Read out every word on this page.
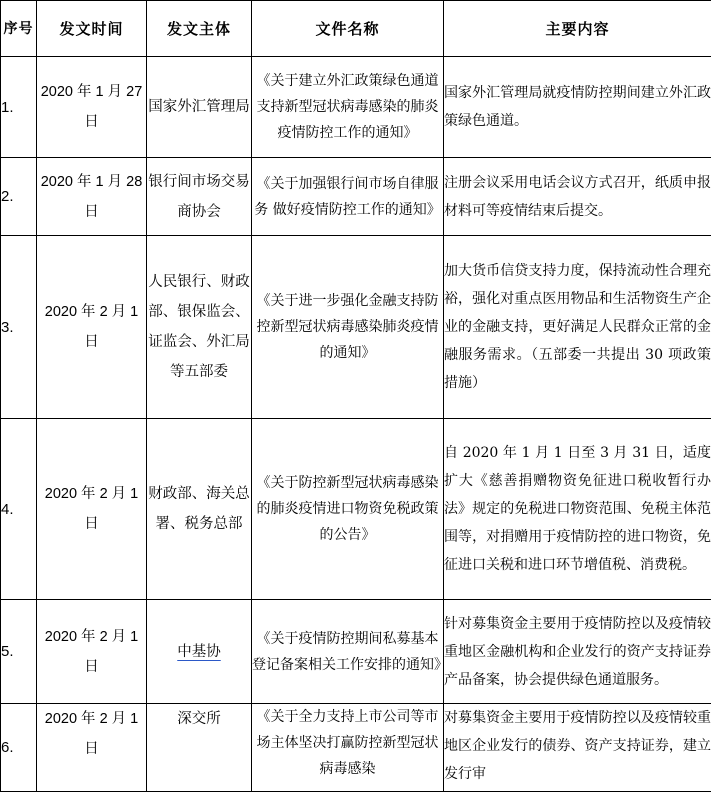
序号	发文时间	发文主体	文件名称	主要内容
1.	2020 年 1 月 27 日	国家外汇管理局	《关于建立外汇政策绿色通道 支持新型冠状病毒感染的肺炎疫情防控工作的通知》	国家外汇管理局就疫情防控期间建立外汇政策绿色通道。
2.	2020 年 1 月 28 日	银行间市场交易商协会	《关于加强银行间市场自律服务 做好疫情防控工作的通知》	注册会议采用电话会议方式召开，纸质申报材料可等疫情结束后提交。
3.	2020 年 2 月 1 日	人民银行、财政部、银保监会、证监会、外汇局等五部委	《关于进一步强化金融支持防控新型冠状病毒感染肺炎疫情的通知》	加大货币信贷支持力度，保持流动性合理充裕，强化对重点医用物品和生活物资生产企业的金融支持，更好满足人民群众正常的金融服务需求。（五部委一共提出 30 项政策措施）
4.	2020 年 2 月 1 日	财政部、海关总署、税务总部	《关于防控新型冠状病毒感染的肺炎疫情进口物资免税政策的公告》	自 2020 年 1 月 1 日至 3 月 31 日，适度扩大《慈善捐赠物资免征进口税收暂行办法》规定的免税进口物资范围、免税主体范围等，对捐赠用于疫情防控的进口物资，免征进口关税和进口环节增值税、消费税。
5.	2020 年 2 月 1 日	中基协	《关于疫情防控期间私募基本登记备案相关工作安排的通知》	针对募集资金主要用于疫情防控以及疫情较重地区金融机构和企业发行的资产支持证券产品备案，协会提供绿色通道服务。
6.	2020 年 2 月 1 日	深交所	《关于全力支持上市公司等市场主体坚决打赢防控新型冠状病毒感染	对募集资金主要用于疫情防控以及疫情较重地区企业发行的债券、资产支持证券，建立发行审
